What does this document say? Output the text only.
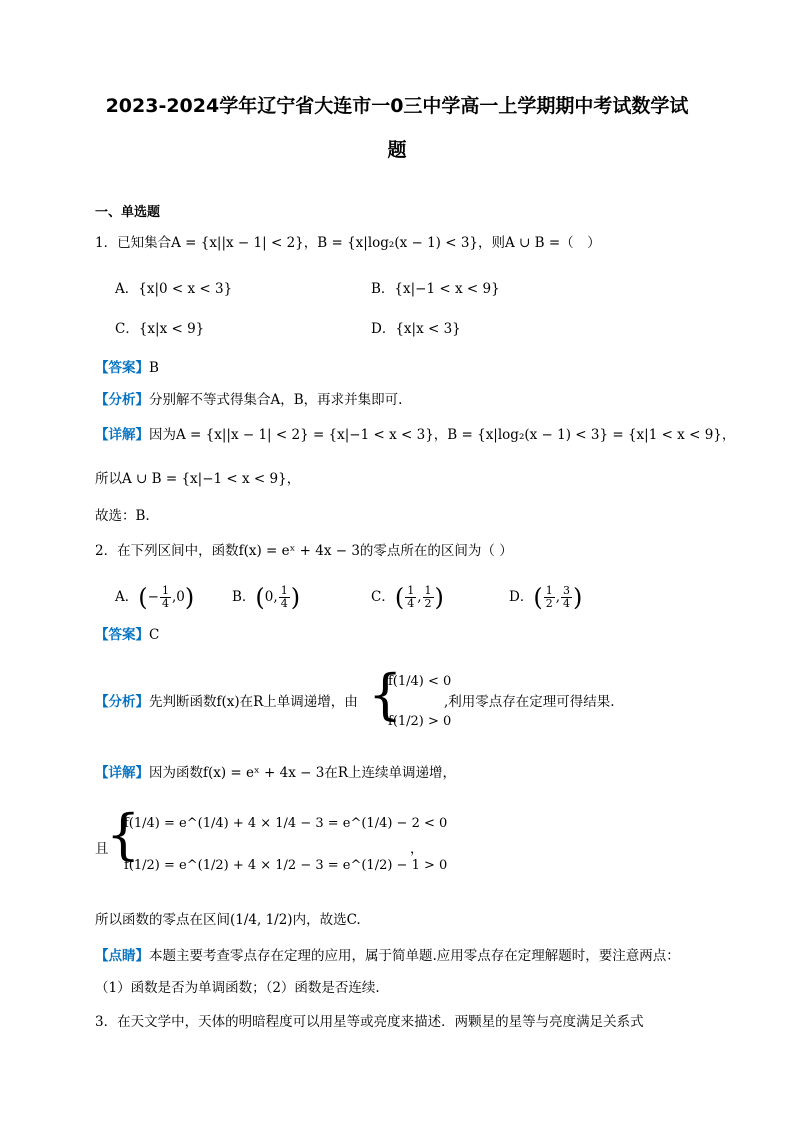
2023-2024学年辽宁省大连市一0三中学高一上学期期中考试数学试
题
一、单选题
1．已知集合A = {x||x − 1| < 2}，B = {x|log₂(x − 1) < 3}，则A ∪ B =（　）
A．{x|0 < x < 3}	B．{x|−1 < x < 9}
C．{x|x < 9}	D．{x|x < 3}
【答案】B
【分析】分别解不等式得集合A，B，再求并集即可.
【详解】因为A = {x||x − 1| < 2} = {x|−1 < x < 3}，B = {x|log₂(x − 1) < 3} = {x|1 < x < 9}，
所以A ∪ B = {x|−1 < x < 9}，
故选：B.
2．在下列区间中，函数f(x) = eˣ + 4x − 3的零点所在的区间为（ ）
A．(− $\frac{1}{4} ,0$)	B．(0, $\frac{1}{4}$ )	C．( $\frac{1}{4}$ , $\frac{1}{2}$ )	D．( $\frac{1}{2}$ , $\frac{3}{4}$ )
【答案】C
【分析】先判断函数f(x)在R上单调递增，由 {
f(1/4) < 0
f(1/2) > 0
,利用零点存在定理可得结果.
【详解】因为函数f(x) = eˣ + 4x − 3在R上连续单调递增，
且
{
f(1/4) = e^(1/4) + 4 × 1/4 − 3 = e^(1/4) − 2 < 0
f(1/2) = e^(1/2) + 4 × 1/2 − 3 = e^(1/2) − 1 > 0
，
所以函数的零点在区间(1/4, 1/2)内，故选C.
【点睛】本题主要考查零点存在定理的应用，属于简单题.应用零点存在定理解题时，要注意两点：
（1）函数是否为单调函数；（2）函数是否连续.
3．在天文学中，天体的明暗程度可以用星等或亮度来描述．两颗星的星等与亮度满足关系式
